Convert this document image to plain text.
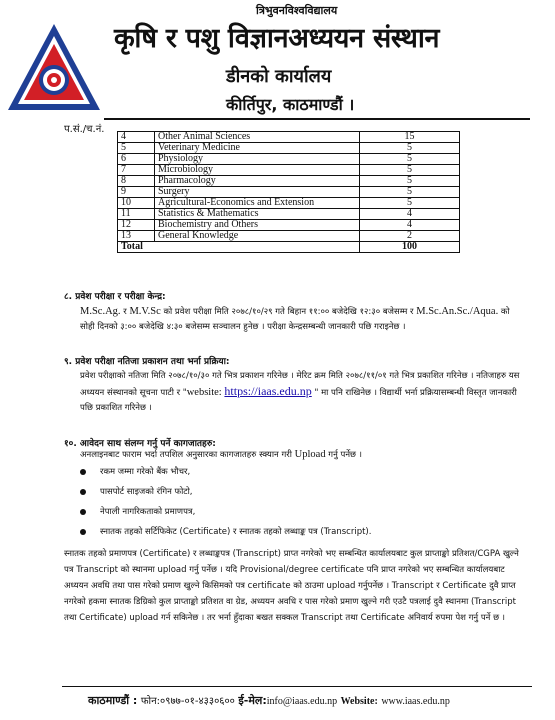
त्रिभुवनविश्वविद्यालय
कृषि र पशु विज्ञानअध्ययन संस्थान
डीनको कार्यालय
कीर्तिपुर, काठमाण्डौं ।
प.सं./च.नं.
4	Other Animal Sciences	15
5	Veterinary Medicine	5
6	Physiology	5
7	Microbiology	5
8	Pharmacology	5
9	Surgery	5
10	Agricultural-Economics and Extension	5
11	Statistics & Mathematics	4
12	Biochemistry and Others	4
13	General Knowledge	2
Total		100
८. प्रवेश परीक्षा र परीक्षा केन्द्र:
M.Sc.Ag. र M.V.Sc को प्रवेश परीक्षा मिति २०७८/१०/२९ गते बिहान ११:०० बजेदेखि १२:३० बजेसम्म र M.Sc.An.Sc./Aqua. को सोही दिनको ३:०० बजेदेखि ४:३० बजेसम्म सञ्चालन हुनेछ । परीक्षा केन्द्रसम्बन्धी जानकारी पछि गराइनेछ ।
९. प्रवेश परीक्षा नतिजा प्रकाशन तथा भर्ना प्रक्रिया:
प्रवेश परीक्षाको नतिजा मिति २०७८/१०/३० गते भित्र प्रकाशन गरिनेछ । मेरिट क्रम मिति २०७८/११/०१ गते भित्र प्रकाशित गरिनेछ । नतिजाहरु यस अध्ययन संस्थानको सूचना पाटी र "website: https://iaas.edu.np " मा पनि राखिनेछ । विद्यार्थी भर्ना प्रक्रियासम्बन्धी विस्तृत जानकारी पछि प्रकाशित गरिनेछ ।
१०. आवेदन साथ संलग्न गर्नु पर्ने कागजातहरु:
अनलाइनबाट फाराम भर्दा तपशिल अनुसारका कागजातहरु स्क्यान गरी Upload गर्नु पर्नेछ ।
रकम जम्मा गरेको बैंक भौचर,
पासपोर्ट साइजको रंगिन फोटो,
नेपाली नागरिकताको प्रमाणपत्र,
स्नातक तहको सर्टिफिकेट (Certificate) र स्नातक तहको लब्धाङ्क पत्र (Transcript).
स्नातक तहको प्रमाणपत्र (Certificate) र लब्धाङ्कपत्र (Transcript) प्राप्त नगरेको भए सम्बन्धित कार्यालयबाट कुल प्राप्ताङ्को प्रतिशत/CGPA खुल्ने पत्र Transcript को स्थानमा upload गर्नु पर्नेछ । यदि Provisional/degree certificate पनि प्राप्त नगरेको भए सम्बन्धित कार्यालयबाट अध्ययन अवधि तथा पास गरेको प्रमाण खुल्ने किसिमको पत्र certificate को ठाउमा upload गर्नुपर्नेछ । Transcript र Certificate दुवै प्राप्त नगरेको हकमा स्नातक डिग्रिको कुल प्राप्ताङ्को प्रतिशत वा ग्रेड, अध्ययन अवधि र पास गरेको प्रमाण खुल्ने गरी एउटै पत्रलाई दुवै स्थानमा (Transcript तथा Certificate) upload गर्न सकिनेछ । तर भर्ना हुँदाका बखत सक्कल Transcript तथा Certificate अनिवार्य रुपमा पेश गर्नु पर्ने छ ।
काठमाण्डौं : फोन:०९७७-०१-४३३०६०० ई-मेल:info@iaas.edu.np Website: www.iaas.edu.np
